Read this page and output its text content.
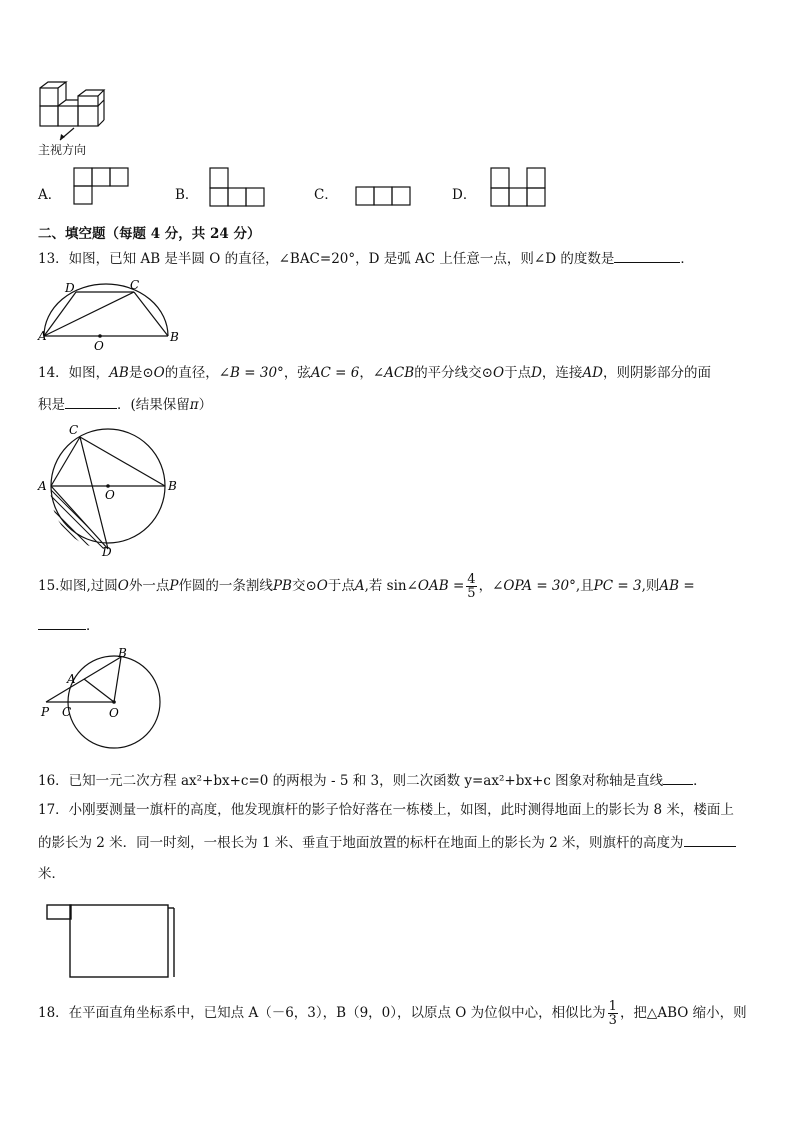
主视方向
A．	B．	C．	D．
二、填空题（每题 4 分，共 24 分）
13．如图，已知 AB 是半圆 O 的直径，∠BAC=20°，D 是弧 AC 上任意一点，则∠D 的度数是	．
D	C
A	B
O
14．如图，AB是⊙O的直径，∠B = 30°，弦AC = 6，∠ACB的平分线交⊙O于点D，连接AD，则阴影部分的面
积是	．(结果保留π）
C
A
O
B
D
15.如图,过圆O外一点P作圆的一条割线PB交⊙O于点A,若 sin∠OAB = $\frac{4}{5}$ ，∠OPA = 30°,且PC = 3,则AB =
．
B
A
P C	O
16．已知一元二次方程 ax²+bx+c=0 的两根为 - 5 和 3，则二次函数 y=ax²+bx+c 图象对称轴是直线 ．
17．小刚要测量一旗杆的高度，他发现旗杆的影子恰好落在一栋楼上，如图，此时测得地面上的影长为 8 米，楼面上
的影长为 2 米．同一时刻，一根长为 1 米、垂直于地面放置的标杆在地面上的影长为 2 米，则旗杆的高度为
米．
18．在平面直角坐标系中，已知点 A（－6，3），B（9，0），以原点 O 为位似中心，相似比为 $\frac{1}{3}$ ，把△ABO 缩小，则
